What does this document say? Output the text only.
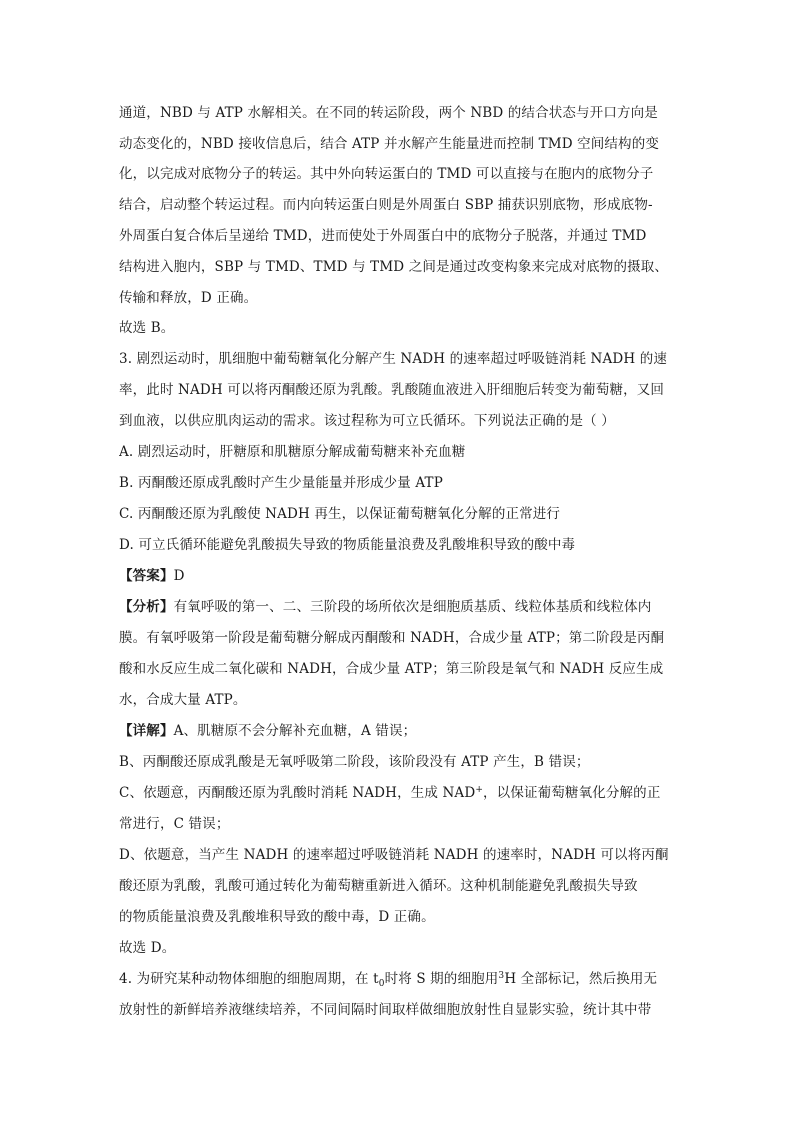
通道，NBD 与 ATP 水解相关。在不同的转运阶段，两个 NBD 的结合状态与开口方向是
动态变化的，NBD 接收信息后，结合 ATP 并水解产生能量进而控制 TMD 空间结构的变
化，以完成对底物分子的转运。其中外向转运蛋白的 TMD 可以直接与在胞内的底物分子
结合，启动整个转运过程。而内向转运蛋白则是外周蛋白 SBP 捕获识别底物，形成底物-
外周蛋白复合体后呈递给 TMD，进而使处于外周蛋白中的底物分子脱落，并通过 TMD
结构进入胞内，SBP 与 TMD、TMD 与 TMD 之间是通过改变构象来完成对底物的摄取、
传输和释放，D 正确。
故选 B。
3. 剧烈运动时，肌细胞中葡萄糖氧化分解产生 NADH 的速率超过呼吸链消耗 NADH 的速
率，此时 NADH 可以将丙酮酸还原为乳酸。乳酸随血液进入肝细胞后转变为葡萄糖，又回
到血液，以供应肌肉运动的需求。该过程称为可立氏循环。下列说法正确的是（ ）
A. 剧烈运动时，肝糖原和肌糖原分解成葡萄糖来补充血糖
B. 丙酮酸还原成乳酸时产生少量能量并形成少量 ATP
C. 丙酮酸还原为乳酸使 NADH 再生，以保证葡萄糖氧化分解的正常进行
D. 可立氏循环能避免乳酸损失导致的物质能量浪费及乳酸堆积导致的酸中毒
【答案】D
【分析】有氧呼吸的第一、二、三阶段的场所依次是细胞质基质、线粒体基质和线粒体内
膜。有氧呼吸第一阶段是葡萄糖分解成丙酮酸和 NADH，合成少量 ATP；第二阶段是丙酮
酸和水反应生成二氧化碳和 NADH，合成少量 ATP；第三阶段是氧气和 NADH 反应生成
水，合成大量 ATP。
【详解】A、肌糖原不会分解补充血糖，A 错误；
B、丙酮酸还原成乳酸是无氧呼吸第二阶段，该阶段没有 ATP 产生，B 错误；
C、依题意，丙酮酸还原为乳酸时消耗 NADH，生成 NAD+，以保证葡萄糖氧化分解的正
常进行，C 错误；
D、依题意，当产生 NADH 的速率超过呼吸链消耗 NADH 的速率时，NADH 可以将丙酮
酸还原为乳酸，乳酸可通过转化为葡萄糖重新进入循环。这种机制能避免乳酸损失导致
的物质能量浪费及乳酸堆积导致的酸中毒，D 正确。
故选 D。
4. 为研究某种动物体细胞的细胞周期，在 $t_0$时将 S 期的细胞用$^3$H 全部标记，然后换用无
放射性的新鲜培养液继续培养，不同间隔时间取样做细胞放射性自显影实验，统计其中带
